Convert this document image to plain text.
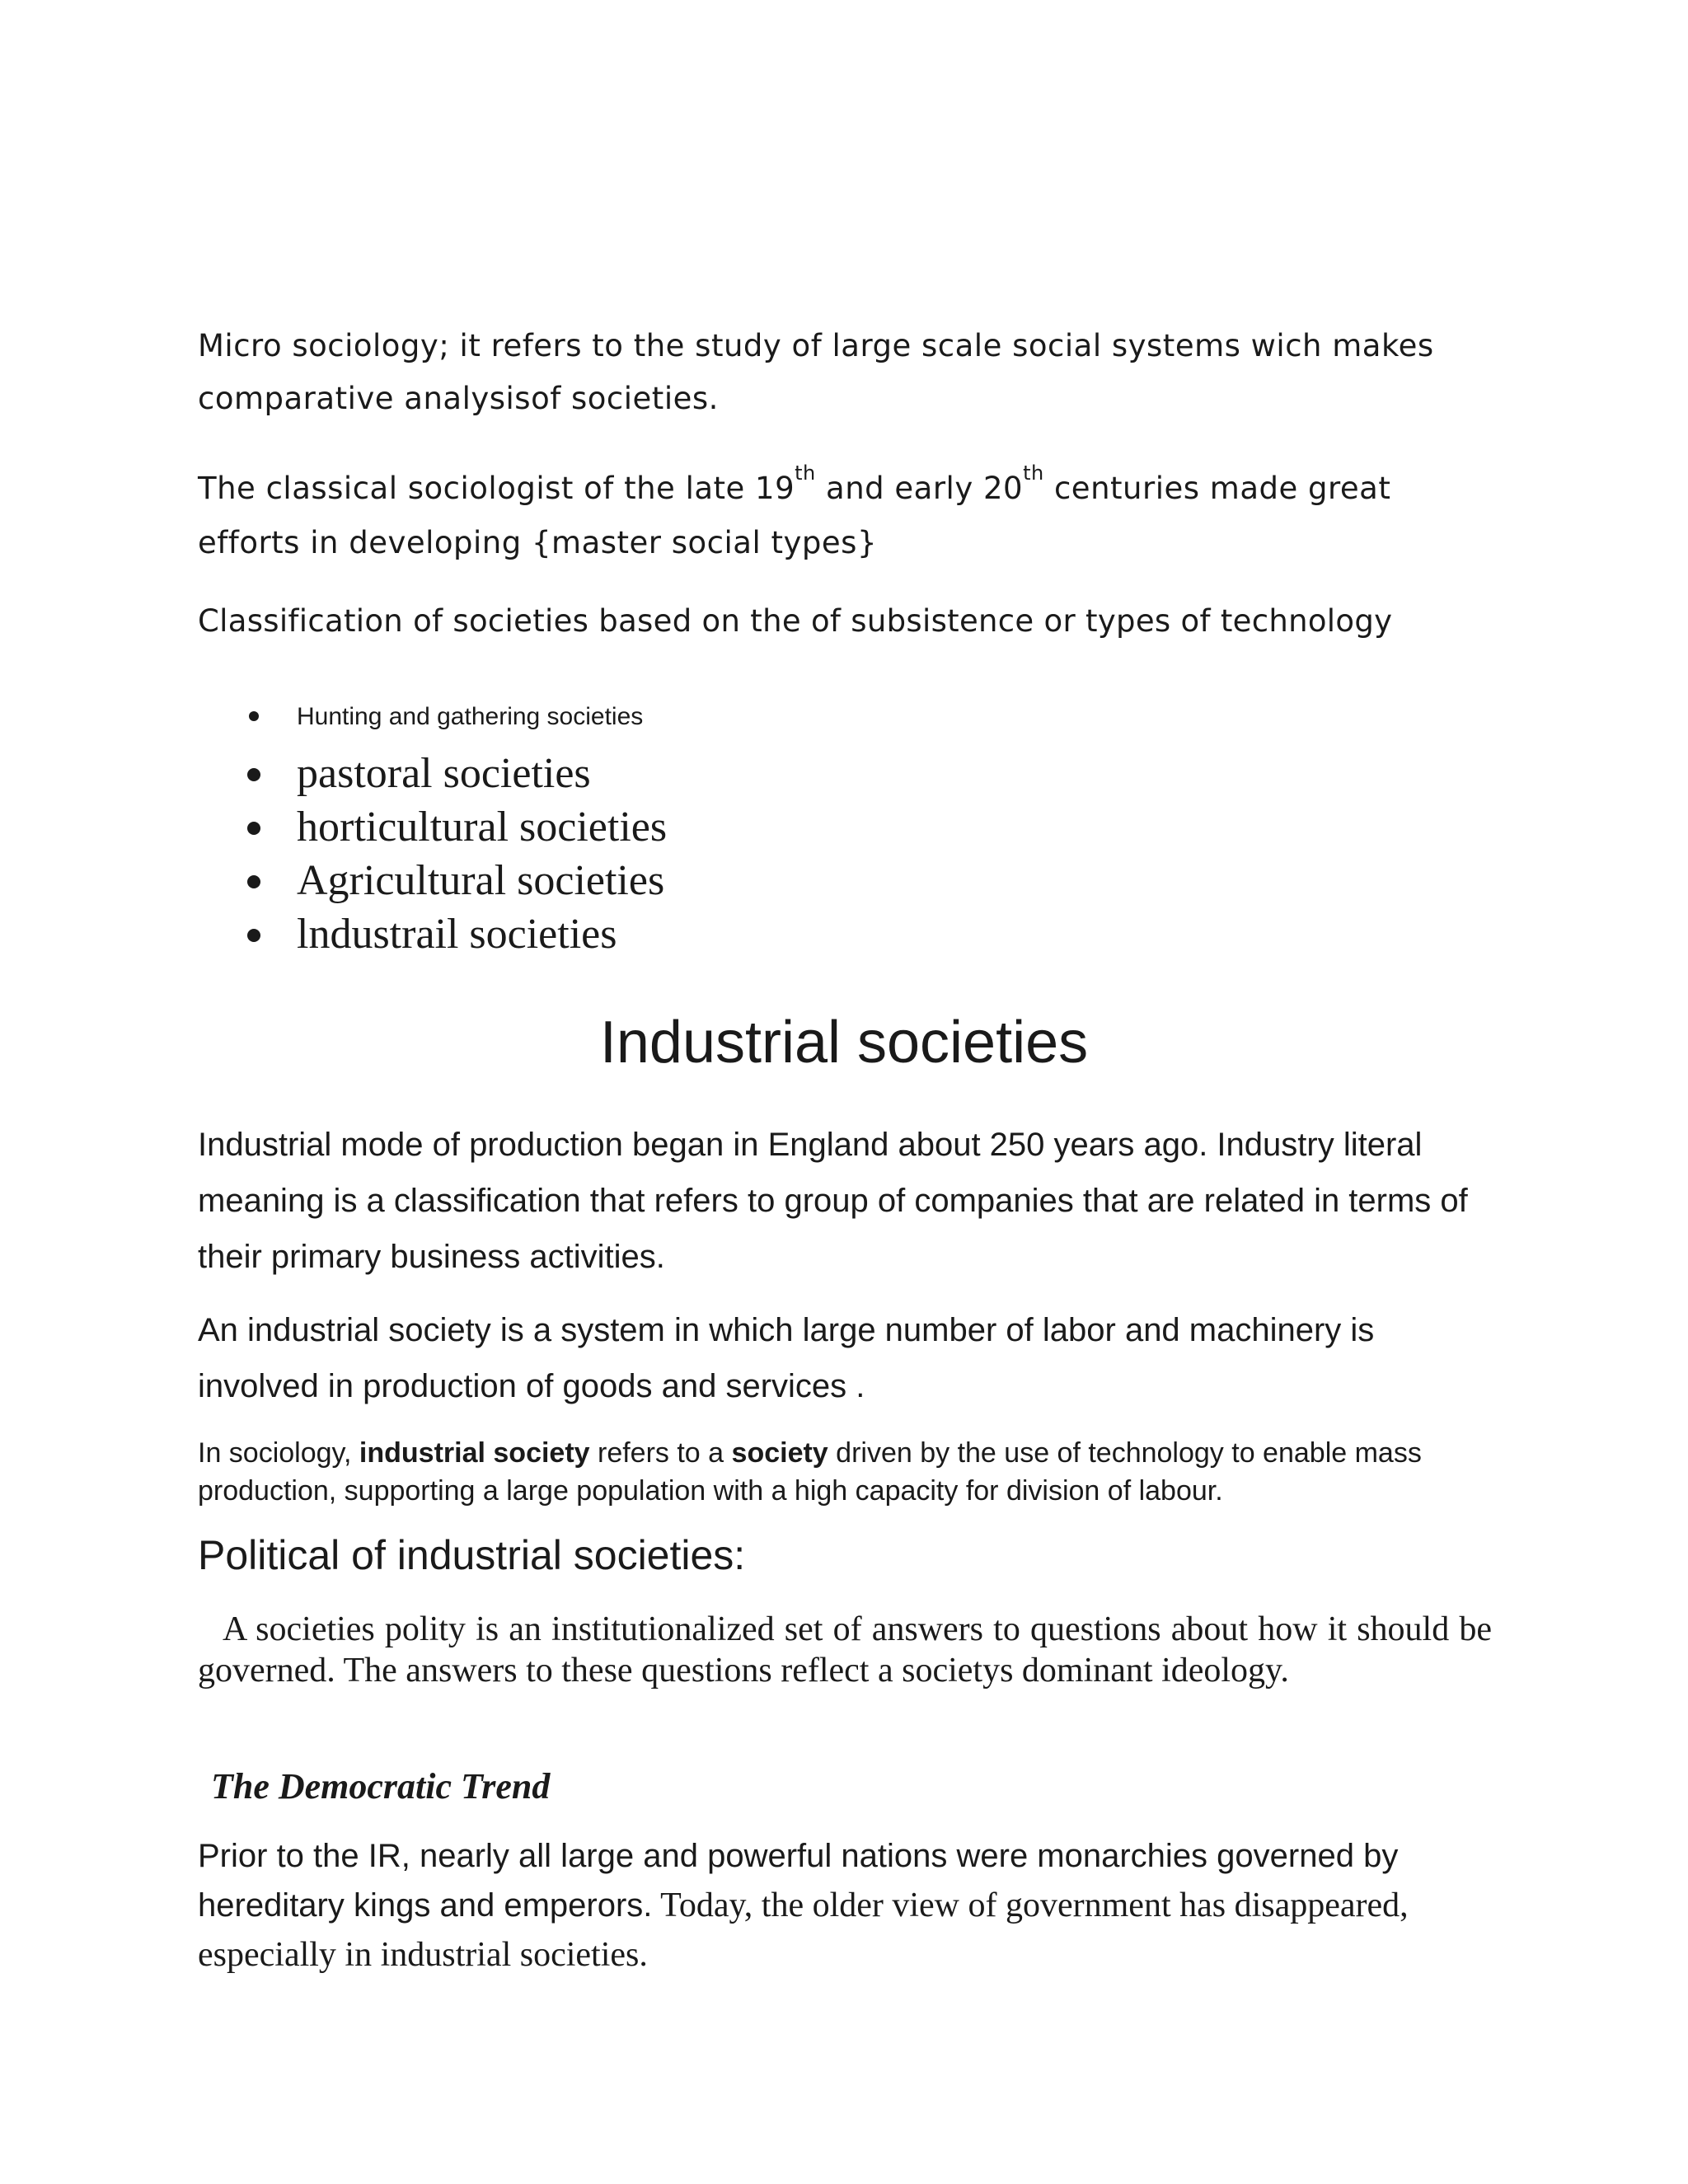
Micro sociology; it refers to the study of large scale social systems wich makes comparative analysisof societies.

The classical sociologist of the late 19th and early 20th centuries made great efforts in developing {master social types}

Classification of societies based on the of subsistence or types of technology

Hunting and gathering societies
pastoral societies
horticultural societies
Agricultural societies
lndustrail societies
Industrial societies

Industrial mode of production began in England about 250 years ago. Industry literal meaning is a classification that refers to group of companies that are related in terms of their primary business activities.

An industrial society is a system in which large number of labor and machinery is involved in production of goods and services .

In sociology, industrial society refers to a society driven by the use of technology to enable mass production, supporting a large population with a high capacity for division of labour.

Political of industrial societies:

A societies polity is an institutionalized set of answers to questions about how it should be governed. The answers to these questions reflect a societys dominant ideology.

The Democratic Trend

Prior to the IR, nearly all large and powerful nations were monarchies governed by hereditary kings and emperors. Today, the older view of government has disappeared, especially in industrial societies.
